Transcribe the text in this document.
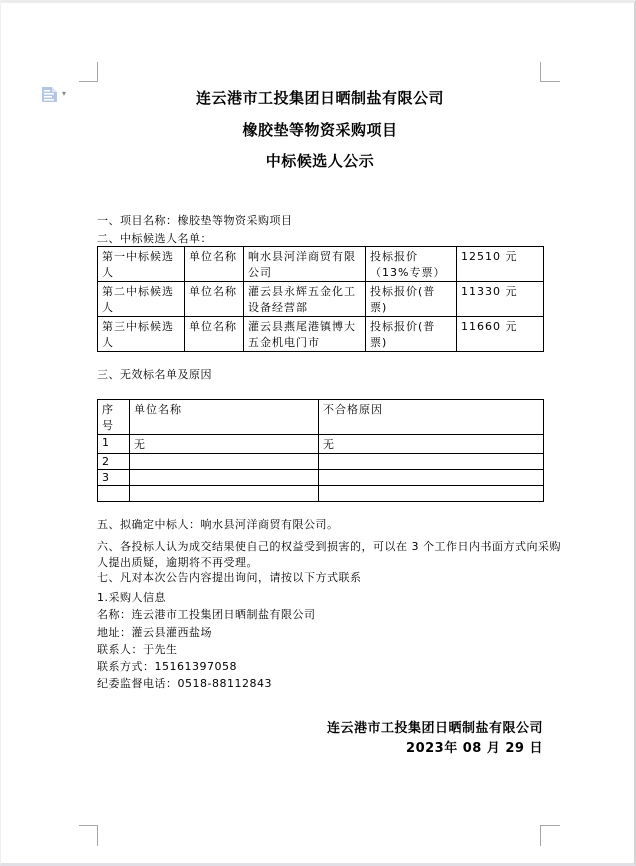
▾	连云港市工投集团日晒制盐有限公司
橡胶垫等物资采购项目
中标候选人公示
一、项目名称：橡胶垫等物资采购项目
二、中标候选人名单：
第一中标候选人	单位名称	响水县河洋商贸有限公司	投标报价（13%专票）	12510 元
第二中标候选人	单位名称	灌云县永辉五金化工设备经营部	投标报价(普票)	11330 元
第三中标候选人	单位名称	灌云县燕尾港镇博大五金机电门市	投标报价(普票)	11660 元
三、无效标名单及原因
序号	单位名称	不合格原因
1	无	无
2		
3		

五、拟确定中标人：响水县河洋商贸有限公司。
六、各投标人认为成交结果使自己的权益受到损害的，可以在 3 个工作日内书面方式向采购
人提出质疑，逾期将不再受理。
七、凡对本次公告内容提出询问，请按以下方式联系
1.采购人信息
名称：连云港市工投集团日晒制盐有限公司
地址：灌云县灌西盐场
联系人：于先生
联系方式：15161397058
纪委监督电话：0518-88112843
连云港市工投集团日晒制盐有限公司
2023年 08 月 29 日
